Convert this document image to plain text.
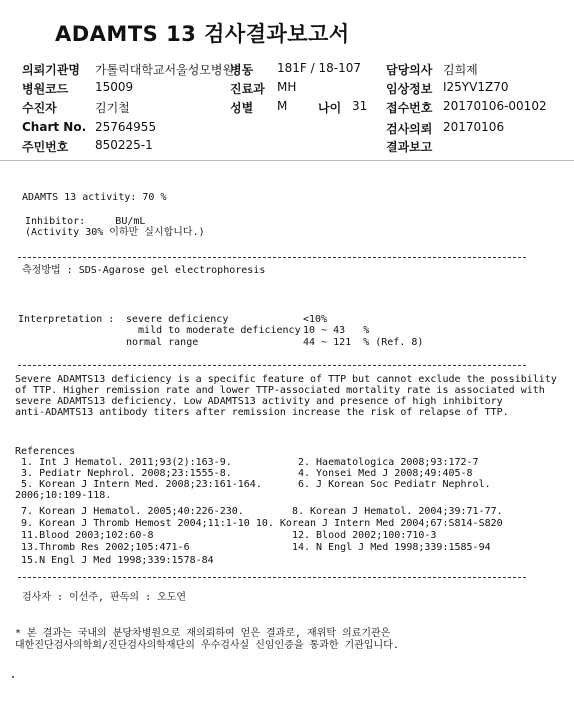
ADAMTS 13 검사결과보고서
의뢰기관명 가톨릭대학교서울성모병원
병동 181F / 18-107 담당의사 김희제
병원코드 15009	진료과 MH	임상정보 I25YV1Z70
수진자	김기철	성별 M	나이 31 접수번호 20170106-00102
Chart No. 25764955	검사의뢰 20170106
주민번호 850225-1	결과보고
ADAMTS 13 activity: 70 %
Inhibitor:     BU/mL
(Activity 30% 이하만 실시합니다.)
측정방법 : SDS-Agarose gel electrophoresis
Interpretation : severe deficiency	<10%
mild to moderate deficiency 10 ~ 43   %
normal range	44 ~ 121  % (Ref. 8)
Severe ADAMTS13 deficiency is a specific feature of TTP but cannot exclude the possibility
of TTP. Higher remission rate and lower TTP-associated mortality rate is associated with
severe ADAMTS13 deficiency. Low ADAMTS13 activity and presence of high inhibitory
anti-ADAMTS13 antibody titers after remission increase the risk of relapse of TTP.
References
1. Int J Hematol. 2011;93(2):163-9.           2. Haematologica 2008;93:172-7
3. Pediatr Nephrol. 2008;23:1555-8.           4. Yonsei Med J 2008;49:405-8
5. Korean J Intern Med. 2008;23:161-164.      6. J Korean Soc Pediatr Nephrol.
2006;10:109-118.
7. Korean J Hematol. 2005;40:226-230.        8. Korean J Hematol. 2004;39:71-77.
9. Korean J Thromb Hemost 2004;11:1-10 10. Korean J Intern Med 2004;67:S814-S820
11.Blood 2003;102:60-8                       12. Blood 2002;100:710-3
13.Thromb Res 2002;105:471-6                 14. N Engl J Med 1998;339:1585-94
15.N Engl J Med 1998;339:1578-84
검사자 : 이선주, 판독의 : 오도연
* 본 결과는 국내의 분당차병원으로 재의뢰하여 얻은 결과로, 재위탁 의료기관은
대한진단검사의학회/진단검사의학재단의 우수검사실 신임인증을 통과한 기관입니다.
